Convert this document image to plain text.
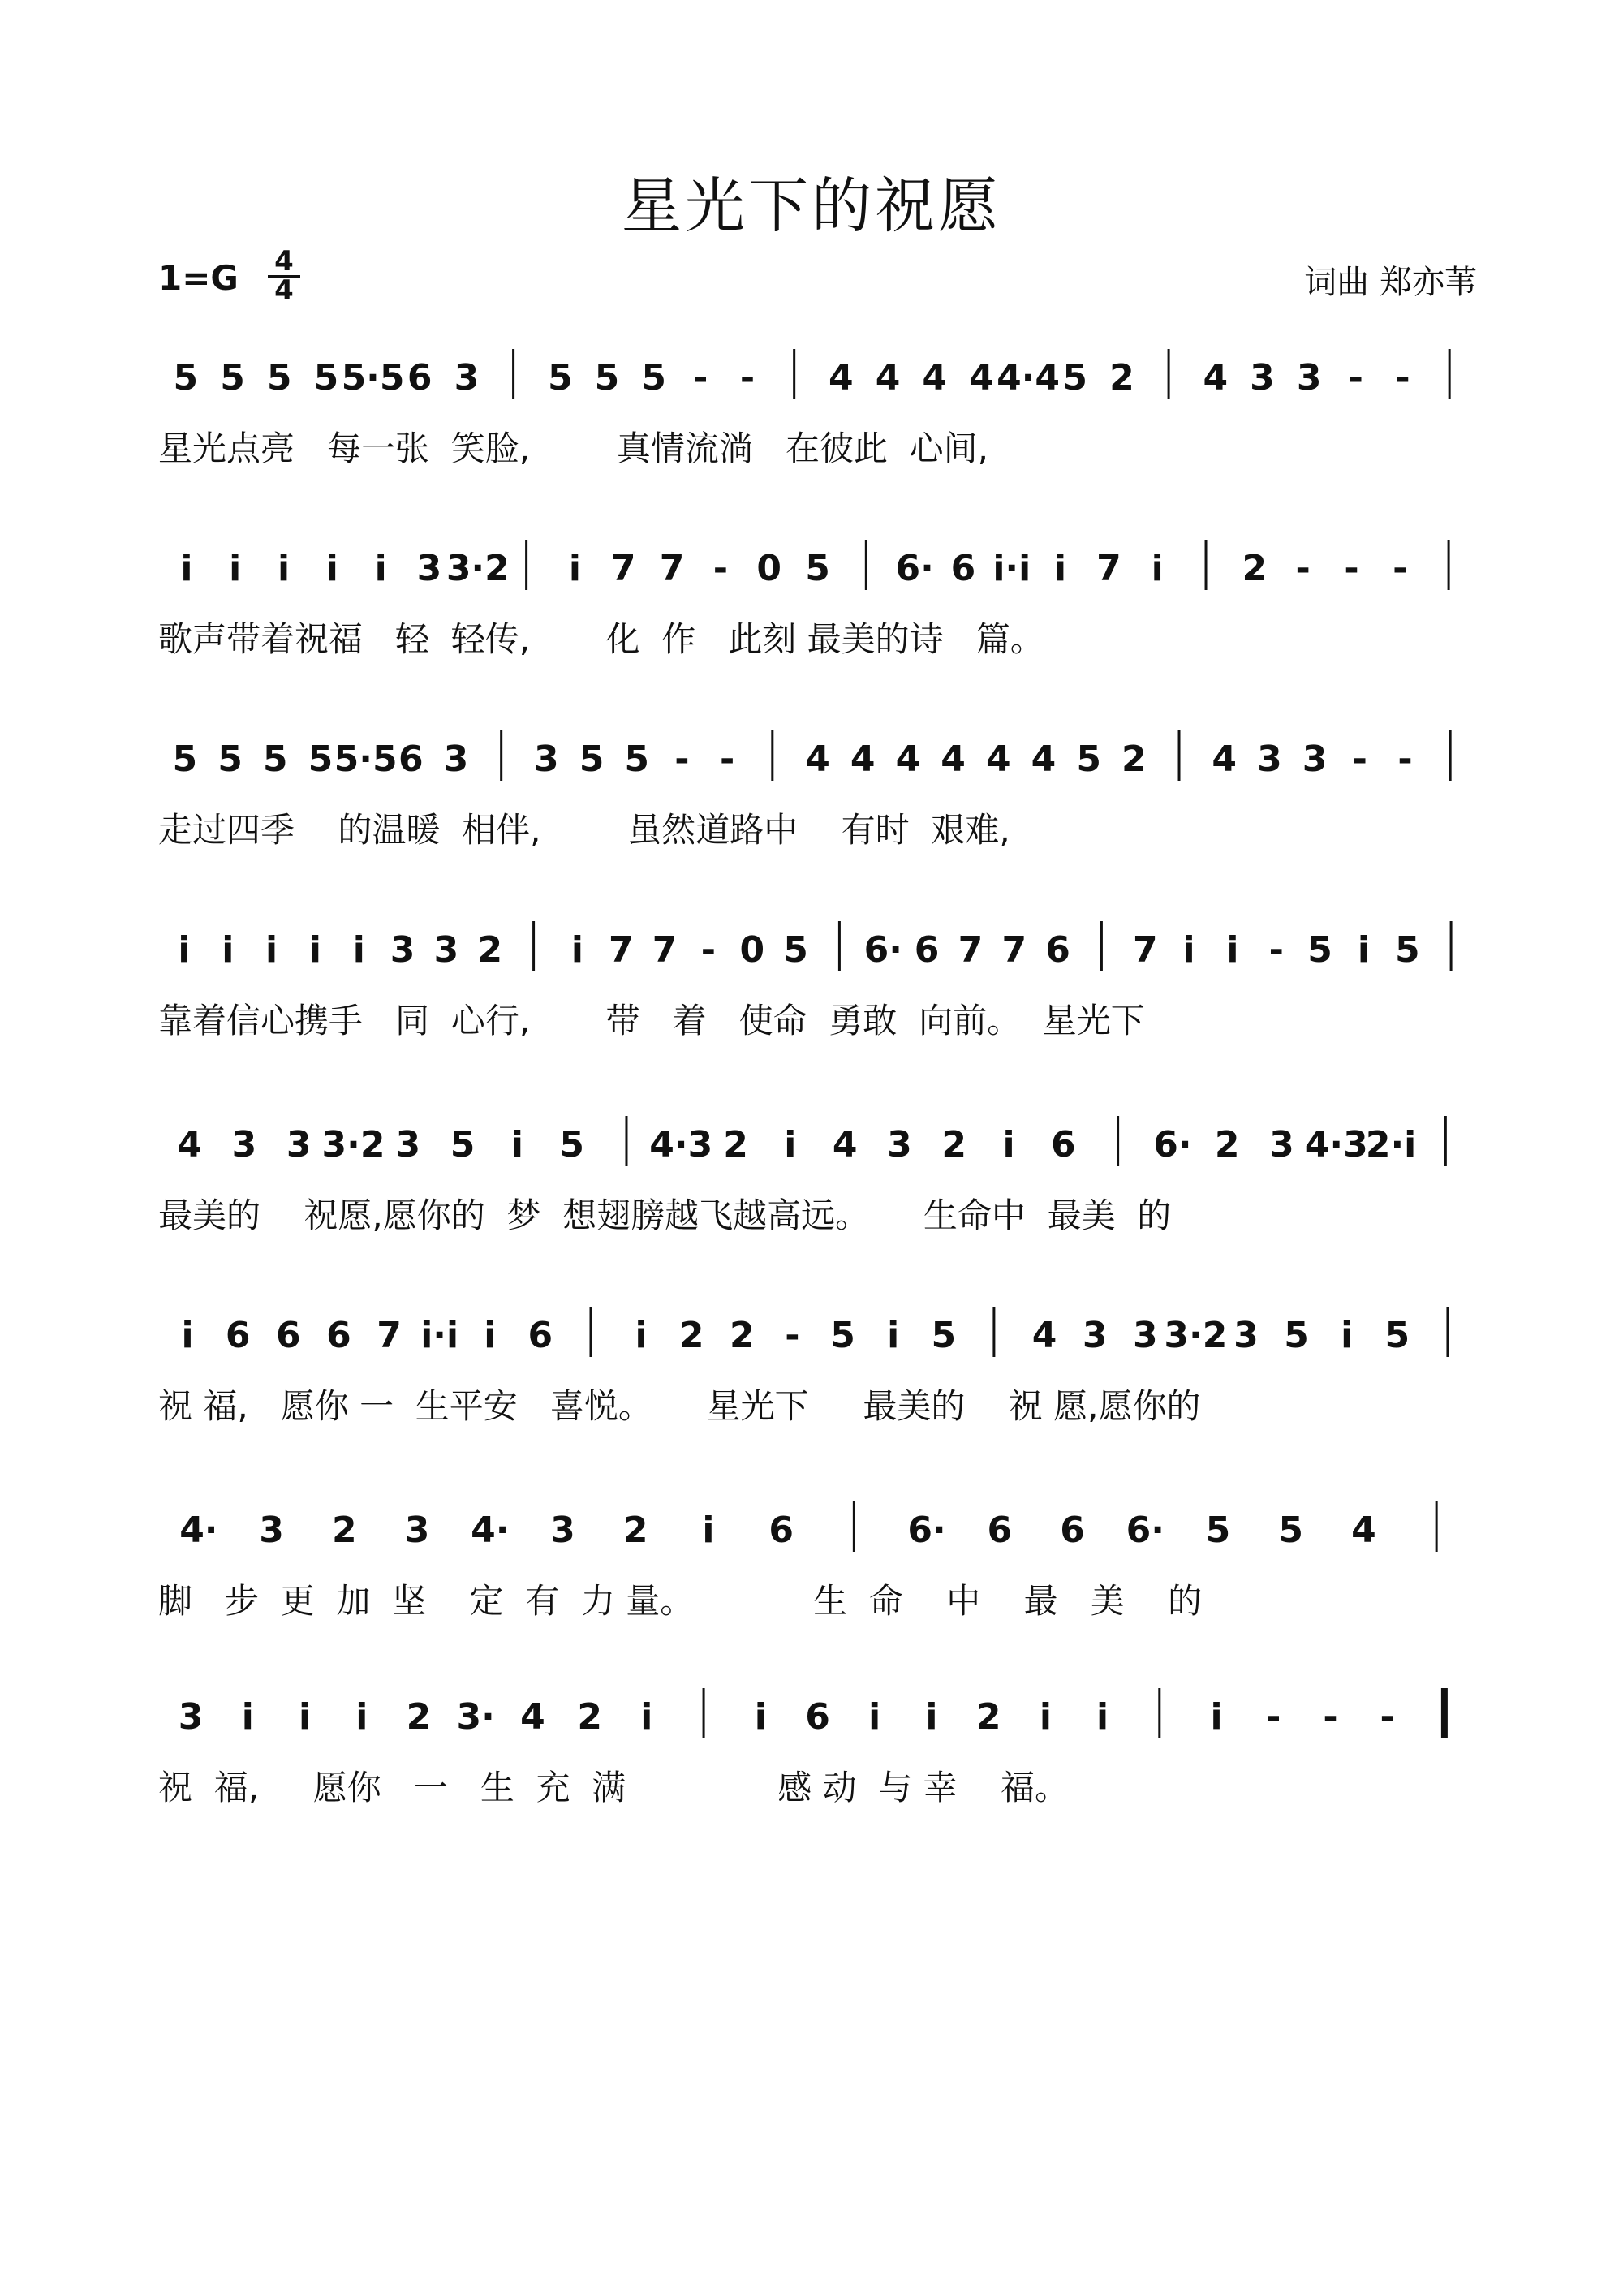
星光下的祝愿
1=G 4
4	词曲 郑亦苇
5 5 5 5 5·5 6 3 5 5 5 - - 4 4 4 4 4·4 5 2 4 3 3 - -
星光点亮   每一张  笑脸,        真情流淌   在彼此  心间,
i i i i i 3 3·2 i 7 7 - 0 5 6· 6 i·i i 7 i 2 - - -
歌声带着祝福   轻  轻传,       化  作   此刻 最美的诗   篇。
5 5 5 5 5·5 6 3 3 5 5 - - 4 4 4 4 4 4 5 2 4 3 3 - -
走过四季    的温暖  相伴,        虽然道路中    有时  艰难,
i i i i i 3 3 2 i 7 7 - 0 5 6· 6 7 7 6 7 i i - 5 i 5
靠着信心携手   同  心行,       带   着   使命  勇敢  向前。  星光下
4 3 3 3·2 3 5 i 5 4·3 2 i 4 3 2 i 6 6· 2 3 4·3
2·i
最美的    祝愿,愿你的  梦  想翅膀越飞越高远。     生命中  最美  的
i 6 6 6 7 i·i i 6 i 2 2 - 5 i 5 4 3 3 3·2 3 5 i 5
祝 福,   愿你 一  生平安   喜悦。     星光下     最美的    祝 愿,愿你的
4· 3 2 3 4· 3 2 i 6	6· 6 6 6· 5 5 4
脚   步  更  加  坚    定  有  力 量。           生  命    中    最   美    的
3 i i i 2 3· 4 2 i	i 6 i i 2 i i	i - - -
祝  福,     愿你   一   生  充  满              感 动  与 幸    福。
